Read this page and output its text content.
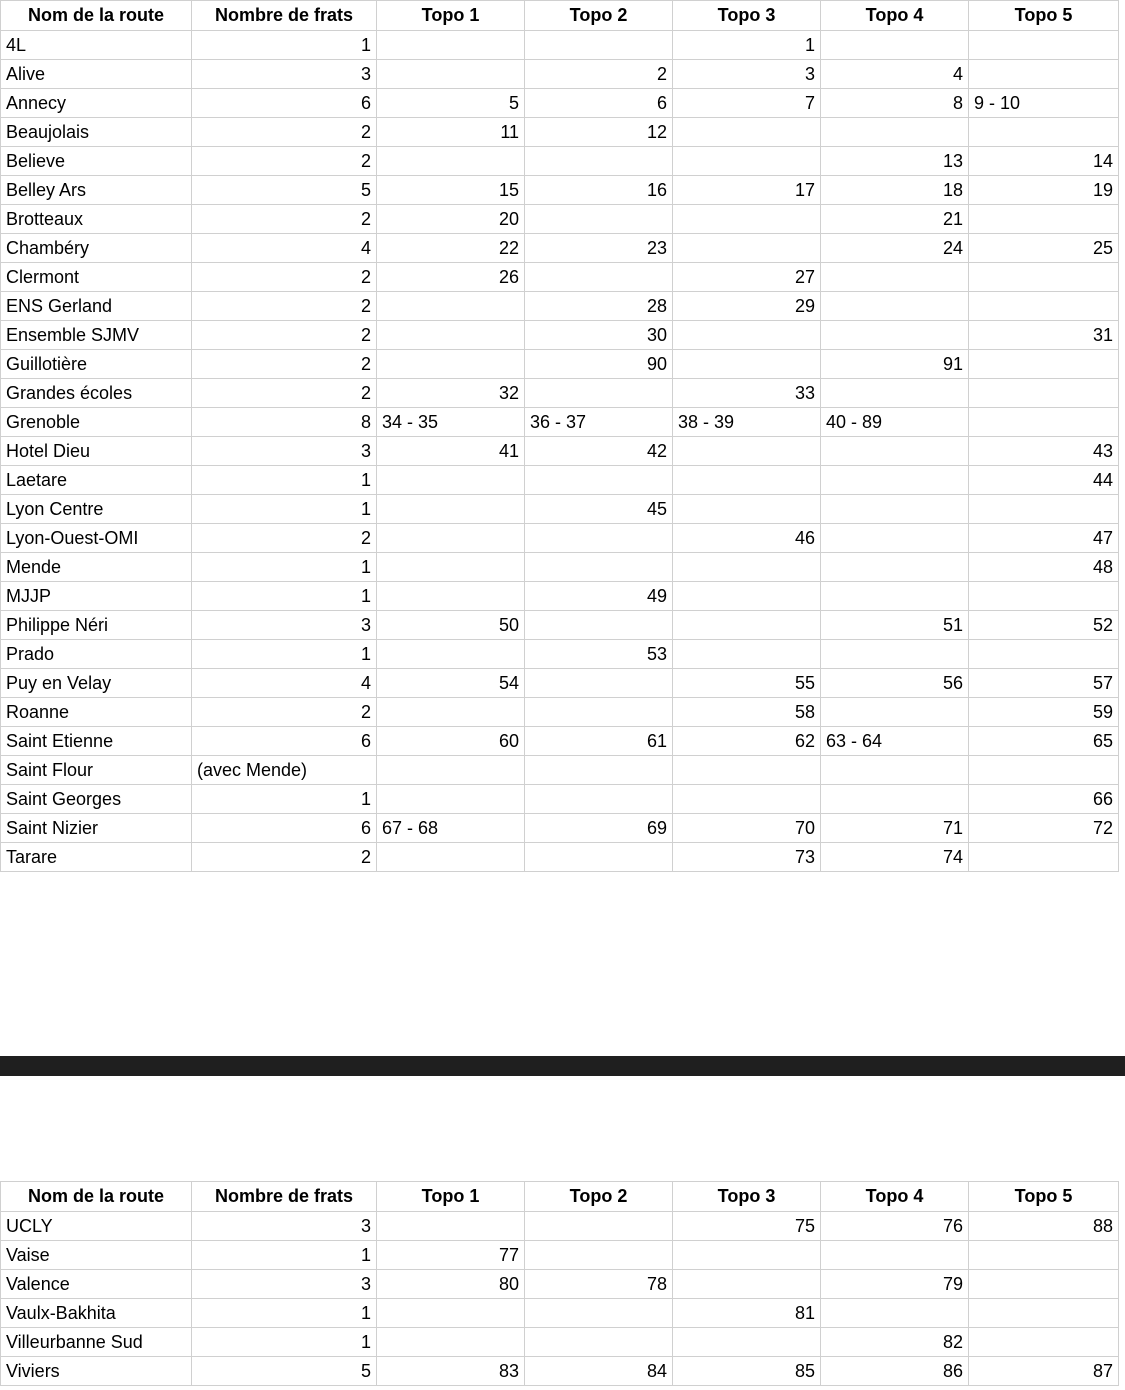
Nom de la route	Nombre de frats	Topo 1	Topo 2	Topo 3	Topo 4	Topo 5
4L	1			1		
Alive	3		2	3	4	
Annecy	6	5	6	7	8	9 - 10
Beaujolais	2	11	12			
Believe	2				13	14
Belley Ars	5	15	16	17	18	19
Brotteaux	2	20			21	
Chambéry	4	22	23		24	25
Clermont	2	26		27		
ENS Gerland	2		28	29		
Ensemble SJMV	2		30			31
Guillotière	2		90		91	
Grandes écoles	2	32		33		
Grenoble	8	34 - 35	36 - 37	38 - 39	40 - 89	
Hotel Dieu	3	41	42			43
Laetare	1					44
Lyon Centre	1		45			
Lyon-Ouest-OMI	2			46		47
Mende	1					48
MJJP	1		49			
Philippe Néri	3	50			51	52
Prado	1		53			
Puy en Velay	4	54		55	56	57
Roanne	2			58		59
Saint Etienne	6	60	61	62	63 - 64	65
Saint Flour	(avec Mende)					
Saint Georges	1					66
Saint Nizier	6	67 - 68	69	70	71	72
Tarare	2			73	74	
Nom de la route	Nombre de frats	Topo 1	Topo 2	Topo 3	Topo 4	Topo 5
UCLY	3			75	76	88
Vaise	1	77				
Valence	3	80	78		79	
Vaulx-Bakhita	1			81		
Villeurbanne Sud	1				82	
Viviers	5	83	84	85	86	87
